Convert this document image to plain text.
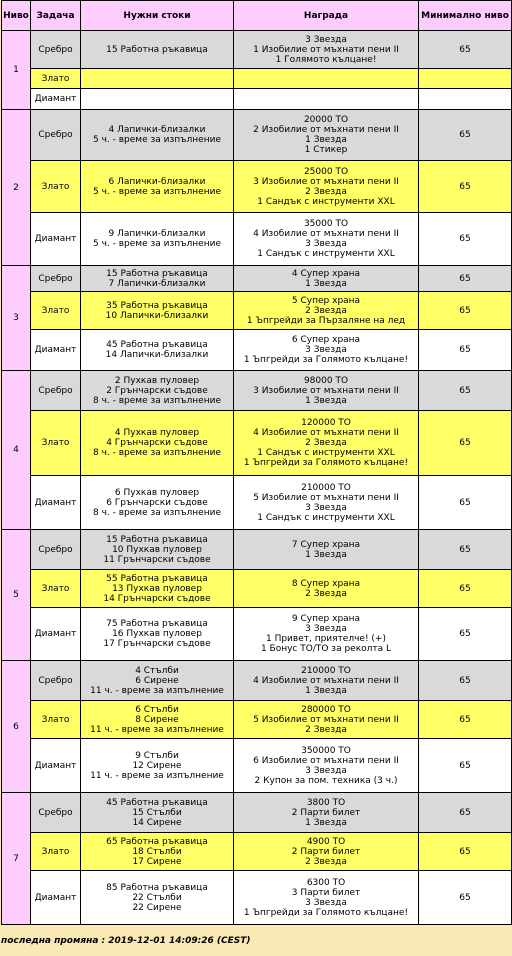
Ниво	Задача	Нужни стоки	Награда	Минимално ниво
1	Сребро	15 Работна ръкавица	3 Звезда
1 Изобилие от мъхнати пени II
1 Голямото кълцане!	65
	Злато			
	Диамант			
2	Сребро	4 Лапички-близалки
5 ч. - време за изпълнение	20000 ТО
2 Изобилие от мъхнати пени II
1 Звезда
1 Стикер	65
	Злато	6 Лапички-близалки
5 ч. - време за изпълнение	25000 ТО
3 Изобилие от мъхнати пени II
2 Звезда
1 Сандък с инструменти XXL	65
	Диамант	9 Лапички-близалки
5 ч. - време за изпълнение	35000 ТО
4 Изобилие от мъхнати пени II
3 Звезда
1 Сандък с инструменти XXL	65
3	Сребро	15 Работна ръкавица
7 Лапички-близалки	4 Супер храна
1 Звезда	65
	Злато	35 Работна ръкавица
10 Лапички-близалки	5 Супер храна
2 Звезда
1 Ъпгрейди за Пързаляне на лед	65
	Диамант	45 Работна ръкавица
14 Лапички-близалки	6 Супер храна
3 Звезда
1 Ъпгрейди за Голямото кълцане!	65
4	Сребро	2 Пухкав пуловер
2 Грънчарски съдове
8 ч. - време за изпълнение	98000 ТО
3 Изобилие от мъхнати пени II
1 Звезда	65
	Злато	4 Пухкав пуловер
4 Грънчарски съдове
8 ч. - време за изпълнение	120000 ТО
4 Изобилие от мъхнати пени II
2 Звезда
1 Сандък с инструменти XXL
1 Ъпгрейди за Голямото кълцане!	65
	Диамант	6 Пухкав пуловер
6 Грънчарски съдове
8 ч. - време за изпълнение	210000 ТО
5 Изобилие от мъхнати пени II
3 Звезда
1 Сандък с инструменти XXL	65
5	Сребро	15 Работна ръкавица
10 Пухкав пуловер
11 Грънчарски съдове	7 Супер храна
1 Звезда	65
	Злато	55 Работна ръкавица
13 Пухкав пуловер
14 Грънчарски съдове	8 Супер храна
2 Звезда	65
	Диамант	75 Работна ръкавица
16 Пухкав пуловер
17 Грънчарски съдове	9 Супер храна
3 Звезда
1 Привет, приятелче! (+)
1 Бонус ТО/ТО за реколта L	65
6	Сребро	4 Стълби
6 Сирене
11 ч. - време за изпълнение	210000 ТО
4 Изобилие от мъхнати пени II
1 Звезда	65
	Злато	6 Стълби
8 Сирене
11 ч. - време за изпълнение	280000 ТО
5 Изобилие от мъхнати пени II
2 Звезда	65
	Диамант	9 Стълби
12 Сирене
11 ч. - време за изпълнение	350000 ТО
6 Изобилие от мъхнати пени II
3 Звезда
2 Купон за пом. техника (3 ч.)	65
7	Сребро	45 Работна ръкавица
15 Стълби
14 Сирене	3800 ТО
2 Парти билет
1 Звезда	65
	Злато	65 Работна ръкавица
18 Стълби
17 Сирене	4900 ТО
2 Парти билет
2 Звезда	65
	Диамант	85 Работна ръкавица
22 Стълби
22 Сирене	6300 ТО
3 Парти билет
3 Звезда
1 Ъпгрейди за Голямото кълцане!	65
последна промяна : 2019-12-01 14:09:26 (CEST)
